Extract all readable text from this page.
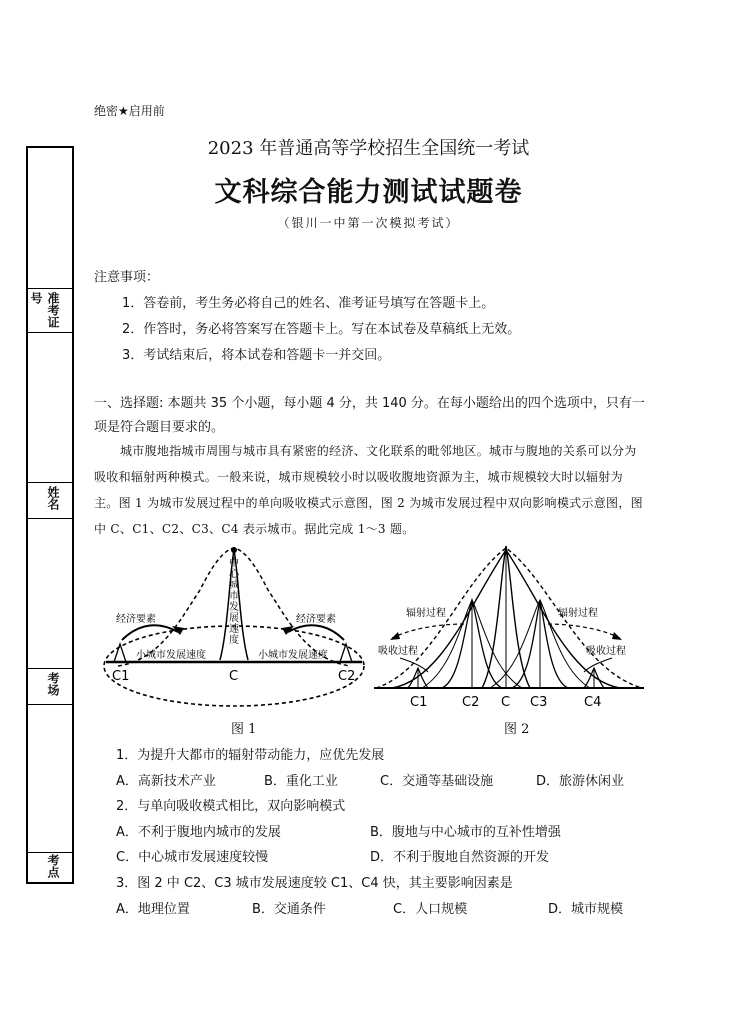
绝密★启用前
2023 年普通高等学校招生全国统一考试
文科综合能力测试试题卷
（银川一中第一次模拟考试）
准考证号
姓名
考场
考点
注意事项：
1．答卷前，考生务必将自己的姓名、准考证号填写在答题卡上。
2．作答时，务必将答案写在答题卡上。写在本试卷及草稿纸上无效。
3．考试结束后，将本试卷和答题卡一并交回。
一、选择题: 本题共 35 个小题，每小题 4 分，共 140 分。在每小题给出的四个选项中，只有一项是符合题目要求的。
城市腹地指城市周围与城市具有紧密的经济、文化联系的毗邻地区。城市与腹地的关系可以分为吸收和辐射两种模式。一般来说，城市规模较小时以吸收腹地资源为主，城市规模较大时以辐射为主。图 1 为城市发展过程中的单向吸收模式示意图，图 2 为城市发展过程中双向影响模式示意图，图中 C、C1、C2、C3、C4 表示城市。据此完成 1～3 题。
经济要素	经济要素
小城市发展速度	小城市发展速度
中心城市发展速度
C1	C	C2
图 1
辐射过程	辐射过程
吸收过程	吸收过程
C1	C2 C C3	C4
图 2
1．为提升大都市的辐射带动能力，应优先发展
A．高新技术产业	B．重化工业	C．交通等基础设施	D．旅游休闲业
2．与单向吸收模式相比，双向影响模式
A．不利于腹地内城市的发展	B．腹地与中心城市的互补性增强
C．中心城市发展速度较慢	D．不利于腹地自然资源的开发
3．图 2 中 C2、C3 城市发展速度较 C1、C4 快，其主要影响因素是
A．地理位置	B．交通条件	C．人口规模	D．城市规模
